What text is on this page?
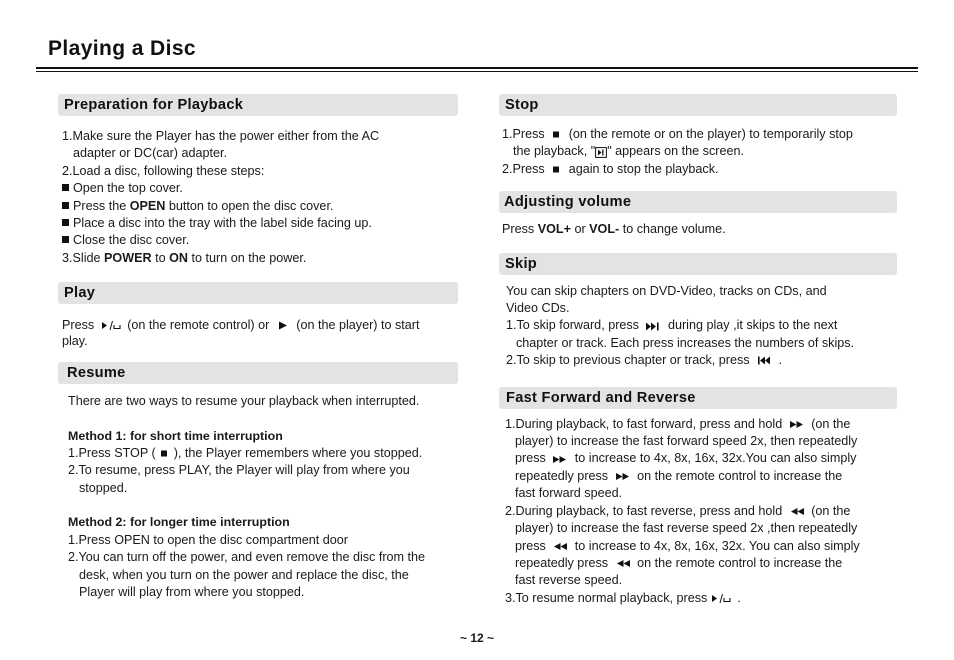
Playing a Disc
Preparation for Playback
1.Make sure the Player has the power either from the AC
adapter or DC(car) adapter.
2.Load a disc, following these steps:
Open the top cover.
Press the OPEN button to open the disc cover.
Place a disc into the tray with the label side facing up.
Close the disc cover.
3.Slide POWER to ON to turn on the power.
Play
Press
(on the remote control) or
(on the player) to start
play.
Resume
There are two ways to resume your playback when interrupted.
Method 1: for short time interruption
1.Press STOP (
), the Player remembers where you stopped.
2.To resume, press PLAY, the Player will play from where you
stopped.
Method 2: for longer time interruption
1.Press OPEN to open the disc compartment door
2.You can turn off the power, and even remove the disc from the
desk, when you turn on the power and replace the disc, the
Player will play from where you stopped.
Stop
1.Press
(on the remote or on the player) to temporarily stop
the playback, " " appears on the screen.
2.Press
again to stop the playback.
Adjusting volume
Press VOL+ or VOL- to change volume.
Skip
You can skip chapters on DVD-Video, tracks on CDs, and
Video CDs.
1.To skip forward, press
during play ,it skips to the next
chapter or track. Each press increases the numbers of skips.
2.To skip to previous chapter or track, press
.
Fast Forward and Reverse
1.During playback, to fast forward, press and hold
(on the
player) to increase the fast forward speed 2x, then repeatedly
press
to increase to 4x, 8x, 16x, 32x.You can also simply
repeatedly press
on the remote control to increase the
fast forward speed.
2.During playback, to fast reverse, press and hold
(on the
player) to increase the fast reverse speed 2x ,then repeatedly
press
to increase to 4x, 8x, 16x, 32x. You can also simply
repeatedly press
on the remote control to increase the
fast reverse speed.
3.To resume normal playback, press
.
~ 12 ~
